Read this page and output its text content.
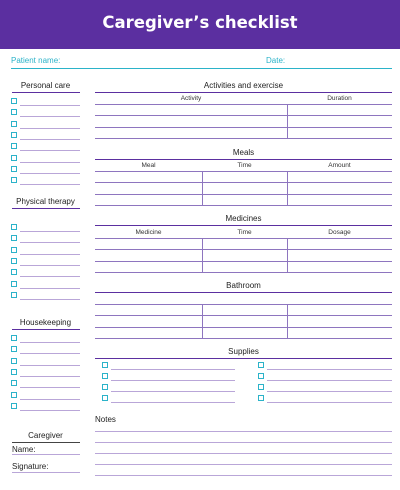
Caregiver’s checklist
Patient name:	Date:
Personal care
Physical therapy
Housekeeping
Caregiver
Name:
Signature:
Activities and exercise
Activity	Duration
Meals
Meal	Time	Amount
Medicines
Medicine	Time	Dosage
Bathroom
Supplies
Notes
